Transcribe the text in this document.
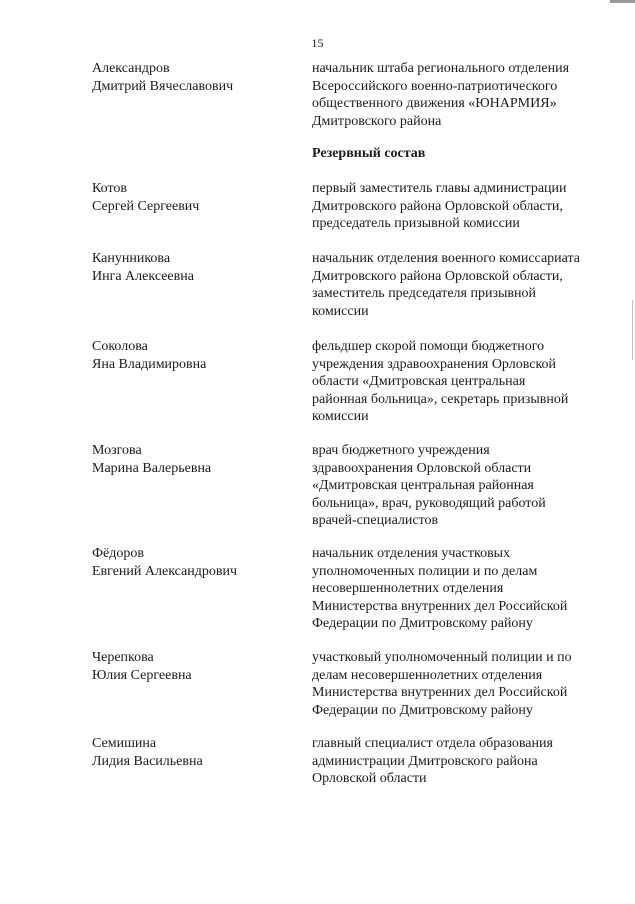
15
Александров
Дмитрий Вячеславович
начальник штаба регионального отделения
Всероссийского военно-патриотического
общественного движения «ЮНАРМИЯ»
Дмитровского района
Резервный состав
Котов
Сергей Сергеевич
первый заместитель главы администрации
Дмитровского района Орловской области,
председатель призывной комиссии
Канунникова
Инга Алексеевна
начальник отделения военного комиссариата
Дмитровского района Орловской области,
заместитель председателя призывной
комиссии
Соколова
Яна Владимировна
фельдшер скорой помощи бюджетного
учреждения здравоохранения Орловской
области «Дмитровская центральная
районная больница», секретарь призывной
комиссии
Мозгова
Марина Валерьевна
врач бюджетного учреждения
здравоохранения Орловской области
«Дмитровская центральная районная
больница», врач, руководящий работой
врачей-специалистов
Фёдоров
Евгений Александрович
начальник отделения участковых
уполномоченных полиции и по делам
несовершеннолетних отделения
Министерства внутренних дел Российской
Федерации по Дмитровскому району
Черепкова
Юлия Сергеевна
участковый уполномоченный полиции и по
делам несовершеннолетних отделения
Министерства внутренних дел Российской
Федерации по Дмитровскому району
Семишина
Лидия Васильевна
главный специалист отдела образования
администрации Дмитровского района
Орловской области
